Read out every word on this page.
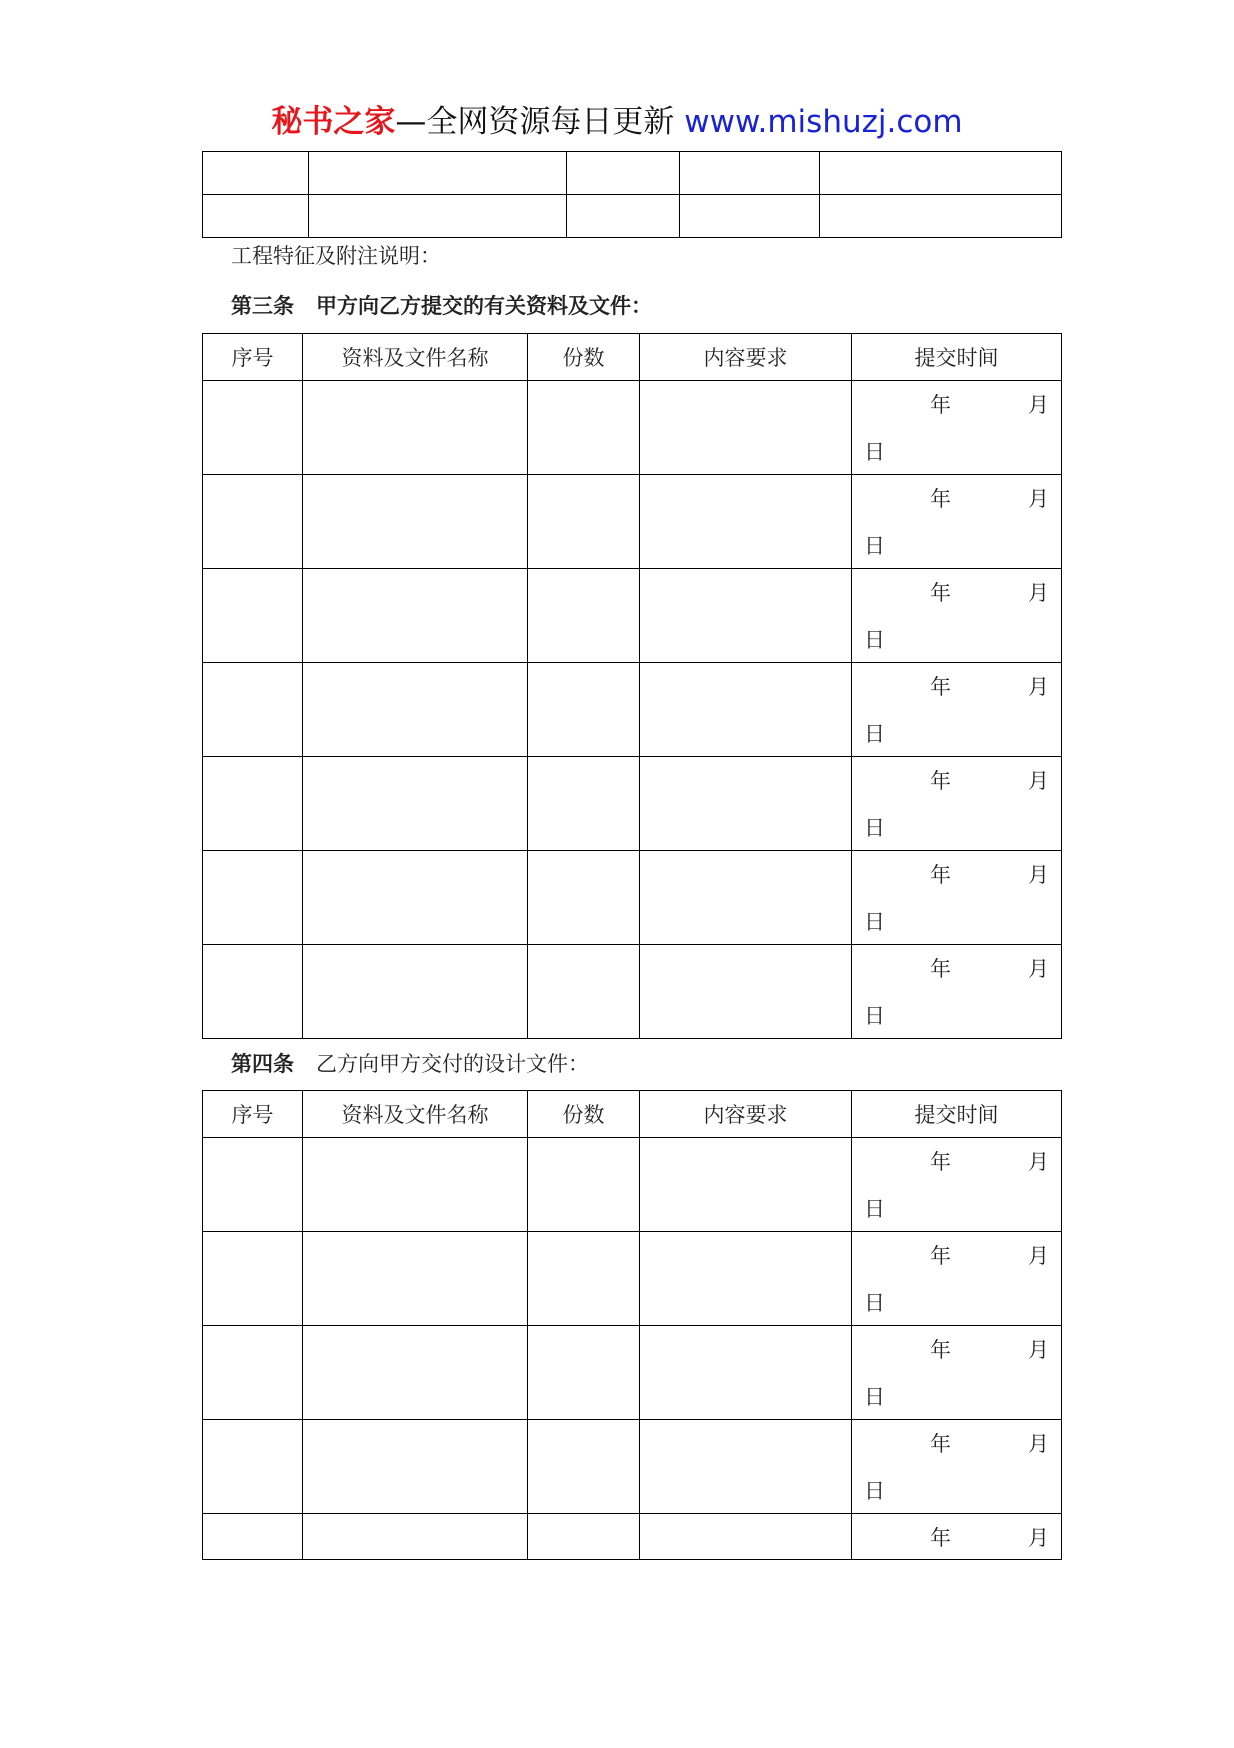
秘书之家—全网资源每日更新 www.mishuzj.com

工程特征及附注说明：
第三条 甲方向乙方提交的有关资料及文件：
序号	资料及文件名称	份数	内容要求	提交时间

				年 月
日

				年 月
日

				年 月
日

				年 月
日

				年 月
日

				年 月
日

				年 月
日
第四条 乙方向甲方交付的设计文件：
序号	资料及文件名称	份数	内容要求	提交时间

				年 月
日

				年 月
日

				年 月
日

				年 月
日

				年 月
